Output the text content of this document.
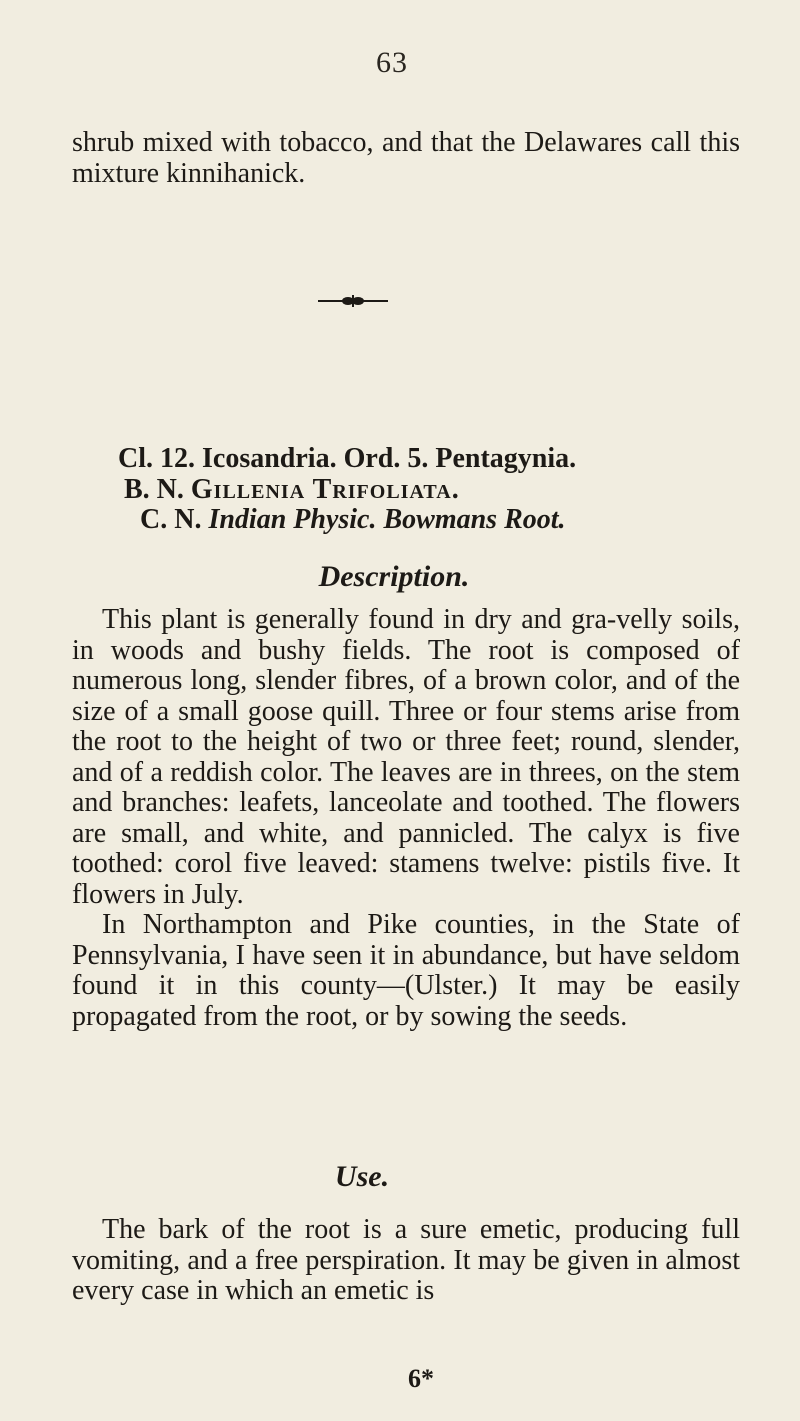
63

shrub mixed with tobacco, and that the Delawares call this mixture kinnihanick.

Cl. 12. Icosandria. Ord. 5. Pentagynia.
B. N. Gillenia Trifoliata.
C. N. Indian Physic. Bowmans Root.
Description.

This plant is generally found in dry and gra-velly soils, in woods and bushy fields. The root is composed of numerous long, slender fibres, of a brown color, and of the size of a small goose quill. Three or four stems arise from the root to the height of two or three feet; round, slender, and of a reddish color. The leaves are in threes, on the stem and branches: leafets, lanceolate and toothed. The flowers are small, and white, and pannicled. The calyx is five toothed: corol five leaved: stamens twelve: pistils five. It flowers in July.

In Northampton and Pike counties, in the State of Pennsylvania, I have seen it in abundance, but have seldom found it in this county—(Ulster.) It may be easily propagated from the root, or by sowing the seeds.

Use.

The bark of the root is a sure emetic, producing full vomiting, and a free perspiration. It may be given in almost every case in which an emetic is

6*
